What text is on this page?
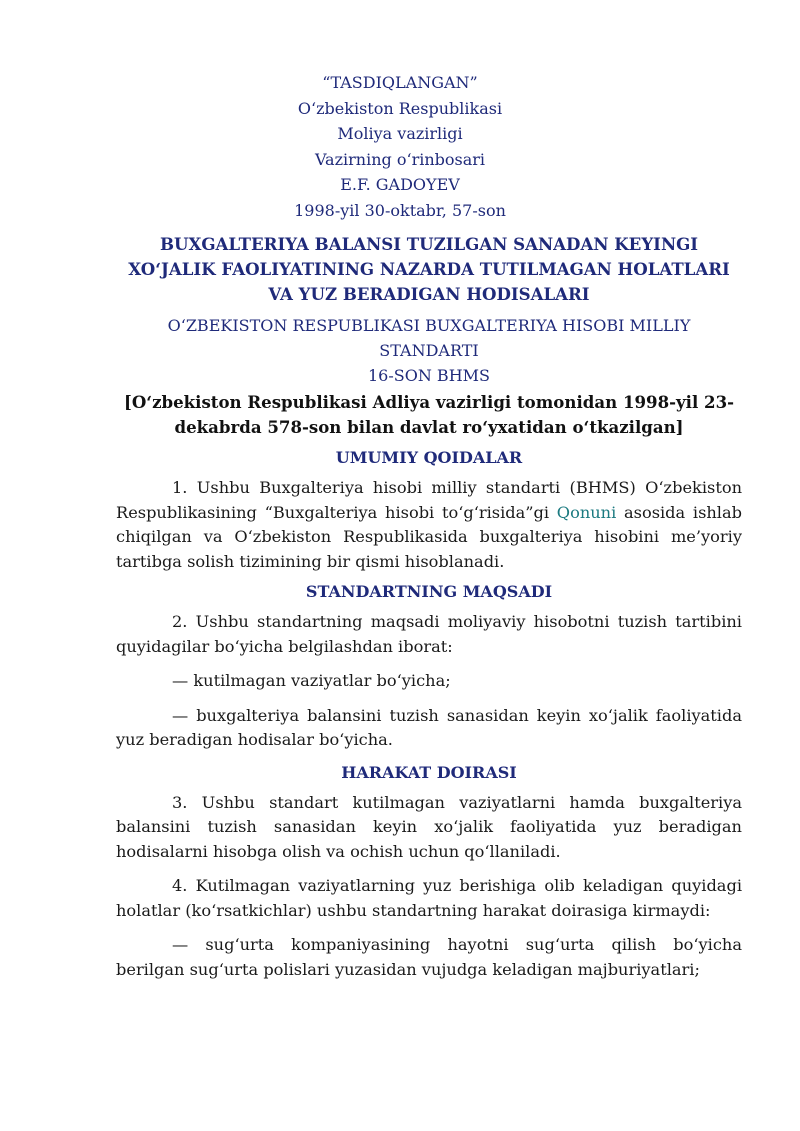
“TASDIQLANGAN”
O‘zbekiston Respublikasi
Moliya vazirligi
Vazirning o‘rinbosari
E.F. GADOYEV
1998-yil 30-oktabr, 57-son
BUXGALTERIYA BALANSI TUZILGAN SANADAN KEYINGI XO‘JALIK FAOLIYATINING NAZARDA TUTILMAGAN HOLATLARI VA YUZ BERADIGAN HODISALARI
O‘ZBEKISTON RESPUBLIKASI BUXGALTERIYA HISOBI MILLIY STANDARTI
16-SON BHMS
[O‘zbekiston Respublikasi Adliya vazirligi tomonidan 1998-yil 23-dekabrda 578-son bilan davlat ro‘yxatidan o‘tkazilgan]
UMUMIY QOIDALAR

1. Ushbu Buxgalteriya hisobi milliy standarti (BHMS) O‘zbekiston Respublikasining “Buxgalteriya hisobi to‘g‘risida”gi Qonuni asosida ishlab chiqilgan va O‘zbekiston Respublikasida buxgalteriya hisobini me’yoriy tartibga solish tizimining bir qismi hisoblanadi.

STANDARTNING MAQSADI

2. Ushbu standartning maqsadi moliyaviy hisobotni tuzish tartibini quyidagilar bo‘yicha belgilashdan iborat:

— kutilmagan vaziyatlar bo‘yicha;

— buxgalteriya balansini tuzish sanasidan keyin xo‘jalik faoliyatida yuz beradigan hodisalar bo‘yicha.

HARAKAT DOIRASI

3. Ushbu standart kutilmagan vaziyatlarni hamda buxgalteriya balansini tuzish sanasidan keyin xo‘jalik faoliyatida yuz beradigan hodisalarni hisobga olish va ochish uchun qo‘llaniladi.

4. Kutilmagan vaziyatlarning yuz berishiga olib keladigan quyidagi holatlar (ko‘rsatkichlar) ushbu standartning harakat doirasiga kirmaydi:

— sug‘urta kompaniyasining hayotni sug‘urta qilish bo‘yicha berilgan sug‘urta polislari yuzasidan vujudga keladigan majburiyatlari;
